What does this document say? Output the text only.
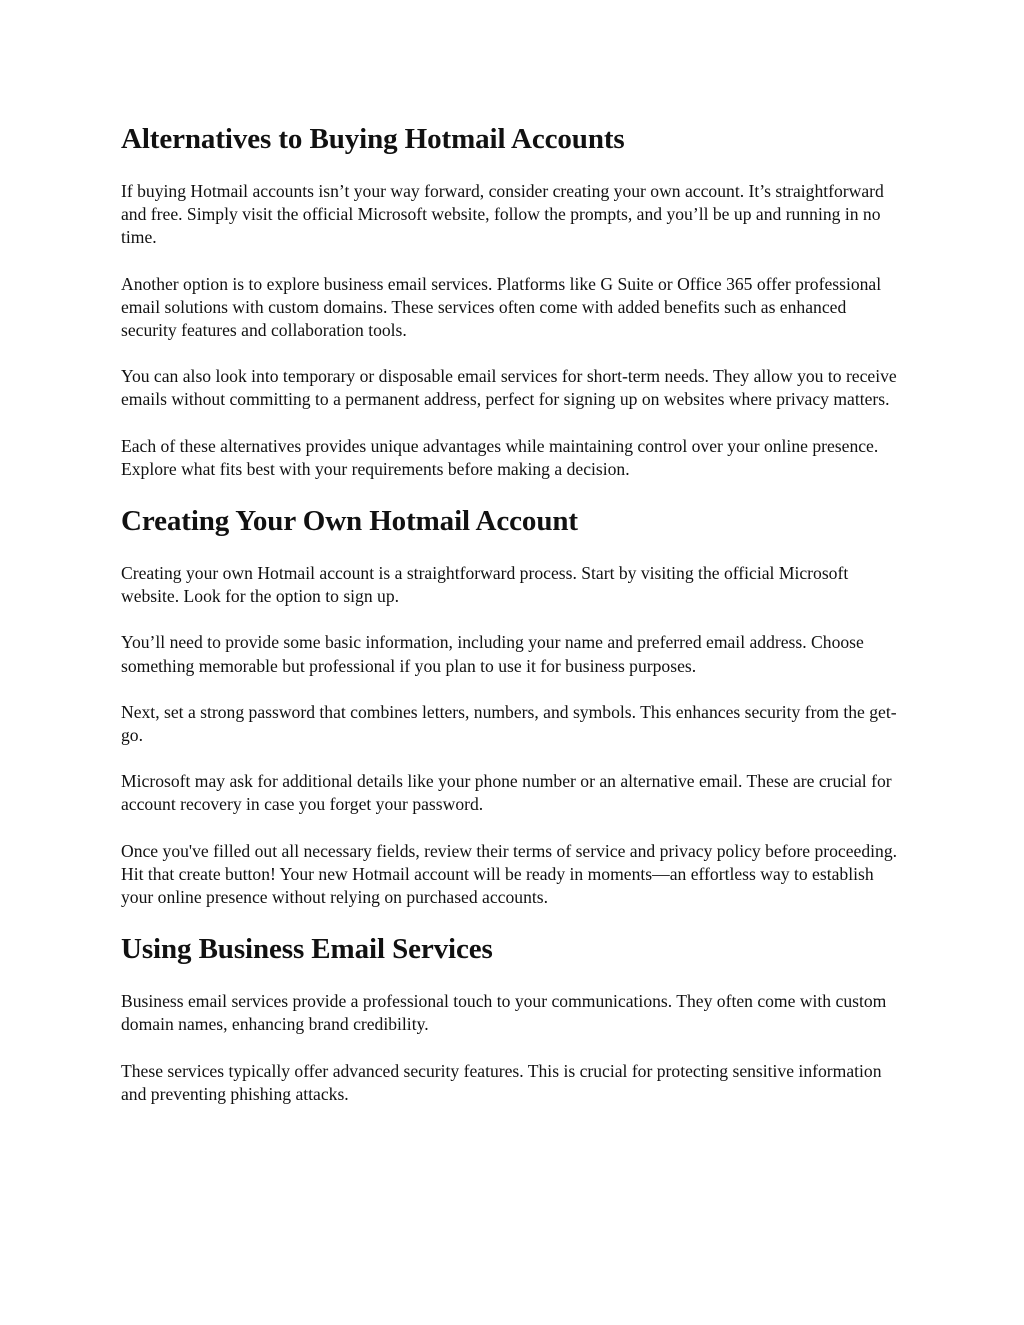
Alternatives to Buying Hotmail Accounts

If buying Hotmail accounts isn’t your way forward, consider creating your own account. It’s straightforward and free. Simply visit the official Microsoft website, follow the prompts, and you’ll be up and running in no time.

Another option is to explore business email services. Platforms like G Suite or Office 365 offer professional email solutions with custom domains. These services often come with added benefits such as enhanced security features and collaboration tools.

You can also look into temporary or disposable email services for short-term needs. They allow you to receive emails without committing to a permanent address, perfect for signing up on websites where privacy matters.

Each of these alternatives provides unique advantages while maintaining control over your online presence. Explore what fits best with your requirements before making a decision.

Creating Your Own Hotmail Account

Creating your own Hotmail account is a straightforward process. Start by visiting the official Microsoft website. Look for the option to sign up.

You’ll need to provide some basic information, including your name and preferred email address. Choose something memorable but professional if you plan to use it for business purposes.

Next, set a strong password that combines letters, numbers, and symbols. This enhances security from the get-go.

Microsoft may ask for additional details like your phone number or an alternative email. These are crucial for account recovery in case you forget your password.

Once you've filled out all necessary fields, review their terms of service and privacy policy before proceeding. Hit that create button! Your new Hotmail account will be ready in moments—an effortless way to establish your online presence without relying on purchased accounts.

Using Business Email Services

Business email services provide a professional touch to your communications. They often come with custom domain names, enhancing brand credibility.

These services typically offer advanced security features. This is crucial for protecting sensitive information and preventing phishing attacks.
